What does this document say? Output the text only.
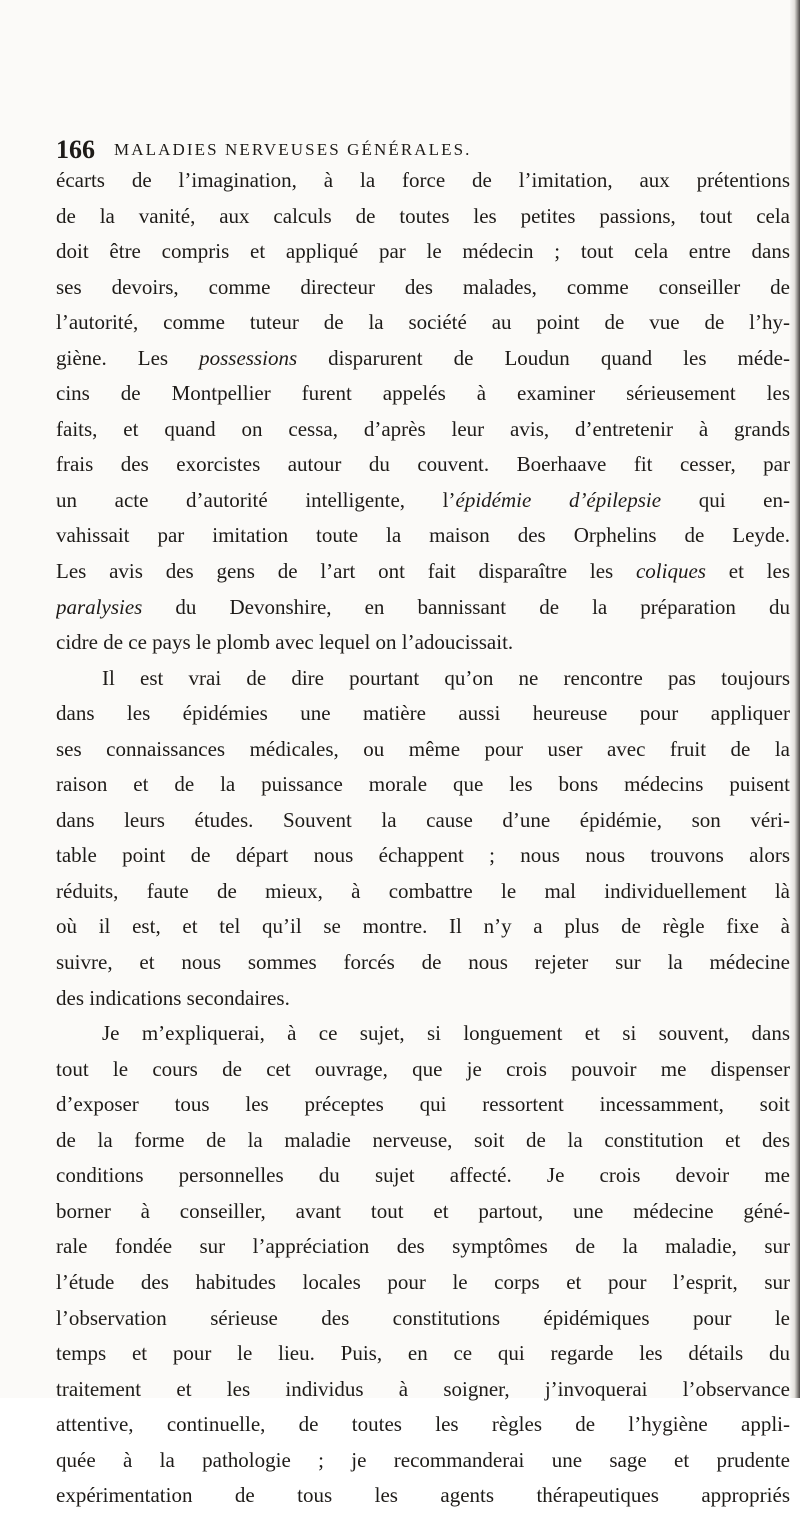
166 MALADIES NERVEUSES GÉNÉRALES.
écarts de l’imagination, à la force de l’imitation, aux prétentions
de la vanité, aux calculs de toutes les petites passions, tout cela
doit être compris et appliqué par le médecin ; tout cela entre dans
ses devoirs, comme directeur des malades, comme conseiller de
l’autorité, comme tuteur de la société au point de vue de l’hy-
giène. Les possessions disparurent de Loudun quand les méde-
cins de Montpellier furent appelés à examiner sérieusement les
faits, et quand on cessa, d’après leur avis, d’entretenir à grands
frais des exorcistes autour du couvent. Boerhaave fit cesser, par
un acte d’autorité intelligente, l’épidémie d’épilepsie qui en-
vahissait par imitation toute la maison des Orphelins de Leyde.
Les avis des gens de l’art ont fait disparaître les coliques et les
paralysies du Devonshire, en bannissant de la préparation du
cidre de ce pays le plomb avec lequel on l’adoucissait.
Il est vrai de dire pourtant qu’on ne rencontre pas toujours
dans les épidémies une matière aussi heureuse pour appliquer
ses connaissances médicales, ou même pour user avec fruit de la
raison et de la puissance morale que les bons médecins puisent
dans leurs études. Souvent la cause d’une épidémie, son véri-
table point de départ nous échappent ; nous nous trouvons alors
réduits, faute de mieux, à combattre le mal individuellement là
où il est, et tel qu’il se montre. Il n’y a plus de règle fixe à
suivre, et nous sommes forcés de nous rejeter sur la médecine
des indications secondaires.
Je m’expliquerai, à ce sujet, si longuement et si souvent, dans
tout le cours de cet ouvrage, que je crois pouvoir me dispenser
d’exposer tous les préceptes qui ressortent incessamment, soit
de la forme de la maladie nerveuse, soit de la constitution et des
conditions personnelles du sujet affecté. Je crois devoir me
borner à conseiller, avant tout et partout, une médecine géné-
rale fondée sur l’appréciation des symptômes de la maladie, sur
l’étude des habitudes locales pour le corps et pour l’esprit, sur
l’observation sérieuse des constitutions épidémiques pour le
temps et pour le lieu. Puis, en ce qui regarde les détails du
traitement et les individus à soigner, j’invoquerai l’observance
attentive, continuelle, de toutes les règles de l’hygiène appli-
quée à la pathologie ; je recommanderai une sage et prudente
expérimentation de tous les agents thérapeutiques appropriés
